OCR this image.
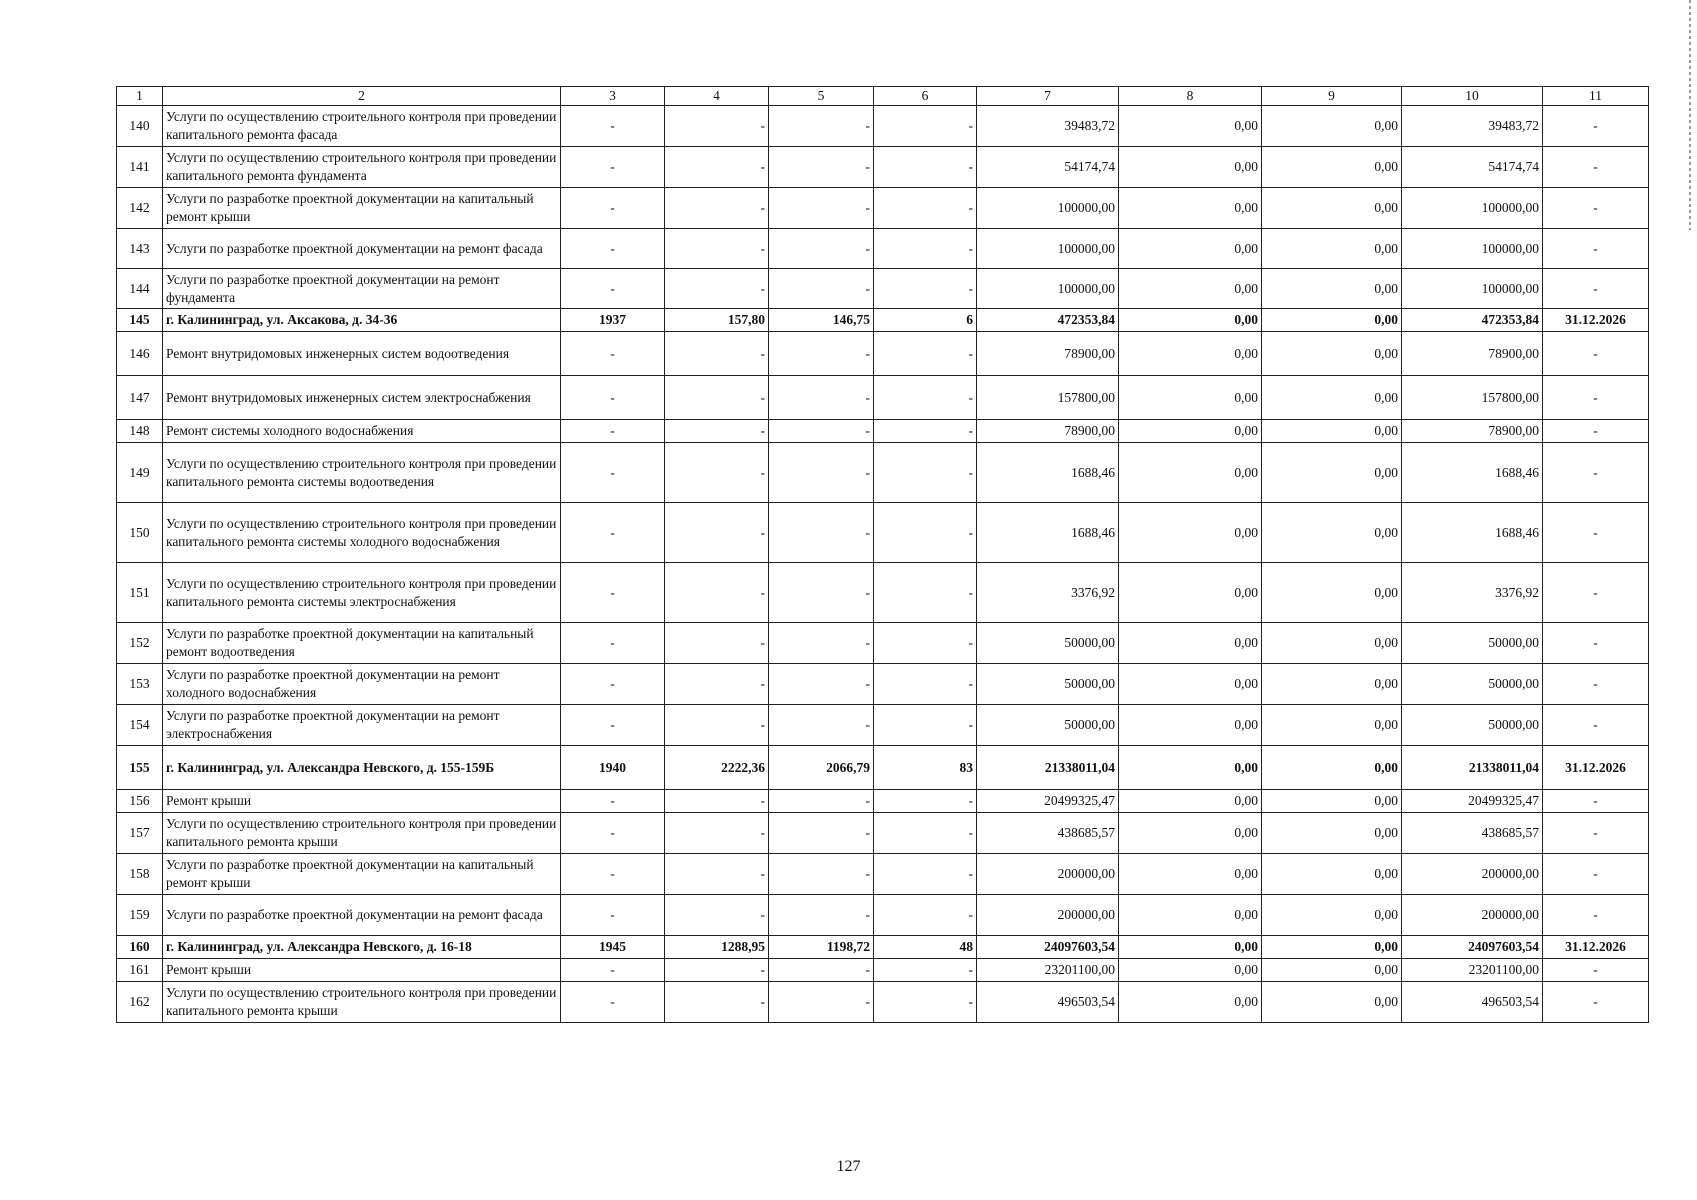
1	2	3	4	5	6	7	8	9	10	11
140	Услуги по осуществлению строительного контроля при проведении капитального ремонта фасада	-	-	-	-	39483,72	0,00	0,00	39483,72	-
141	Услуги по осуществлению строительного контроля при проведении капитального ремонта фундамента	-	-	-	-	54174,74	0,00	0,00	54174,74	-
142	Услуги по разработке проектной документации на капитальный ремонт крыши	-	-	-	-	100000,00	0,00	0,00	100000,00	-
143	Услуги по разработке проектной документации на ремонт фасада	-	-	-	-	100000,00	0,00	0,00	100000,00	-
144	Услуги по разработке проектной документации на ремонт фундамента	-	-	-	-	100000,00	0,00	0,00	100000,00	-
145	г. Калининград, ул. Аксакова, д. 34-36	1937	157,80	146,75	6	472353,84	0,00	0,00	472353,84	31.12.2026
146	Ремонт внутридомовых инженерных систем водоотведения	-	-	-	-	78900,00	0,00	0,00	78900,00	-
147	Ремонт внутридомовых инженерных систем электроснабжения	-	-	-	-	157800,00	0,00	0,00	157800,00	-
148	Ремонт системы холодного водоснабжения	-	-	-	-	78900,00	0,00	0,00	78900,00	-
149	Услуги по осуществлению строительного контроля при проведении капитального ремонта системы водоотведения	-	-	-	-	1688,46	0,00	0,00	1688,46	-
150	Услуги по осуществлению строительного контроля при проведении капитального ремонта системы холодного водоснабжения	-	-	-	-	1688,46	0,00	0,00	1688,46	-
151	Услуги по осуществлению строительного контроля при проведении капитального ремонта системы электроснабжения	-	-	-	-	3376,92	0,00	0,00	3376,92	-
152	Услуги по разработке проектной документации на капитальный ремонт водоотведения	-	-	-	-	50000,00	0,00	0,00	50000,00	-
153	Услуги по разработке проектной документации на ремонт холодного водоснабжения	-	-	-	-	50000,00	0,00	0,00	50000,00	-
154	Услуги по разработке проектной документации на ремонт электроснабжения	-	-	-	-	50000,00	0,00	0,00	50000,00	-
155	г. Калининград, ул. Александра Невского, д. 155-159Б	1940	2222,36	2066,79	83	21338011,04	0,00	0,00	21338011,04	31.12.2026
156	Ремонт крыши	-	-	-	-	20499325,47	0,00	0,00	20499325,47	-
157	Услуги по осуществлению строительного контроля при проведении капитального ремонта крыши	-	-	-	-	438685,57	0,00	0,00	438685,57	-
158	Услуги по разработке проектной документации на капитальный ремонт крыши	-	-	-	-	200000,00	0,00	0,00	200000,00	-
159	Услуги по разработке проектной документации на ремонт фасада	-	-	-	-	200000,00	0,00	0,00	200000,00	-
160	г. Калининград, ул. Александра Невского, д. 16-18	1945	1288,95	1198,72	48	24097603,54	0,00	0,00	24097603,54	31.12.2026
161	Ремонт крыши	-	-	-	-	23201100,00	0,00	0,00	23201100,00	-
162	Услуги по осуществлению строительного контроля при проведении капитального ремонта крыши	-	-	-	-	496503,54	0,00	0,00	496503,54	-
127
